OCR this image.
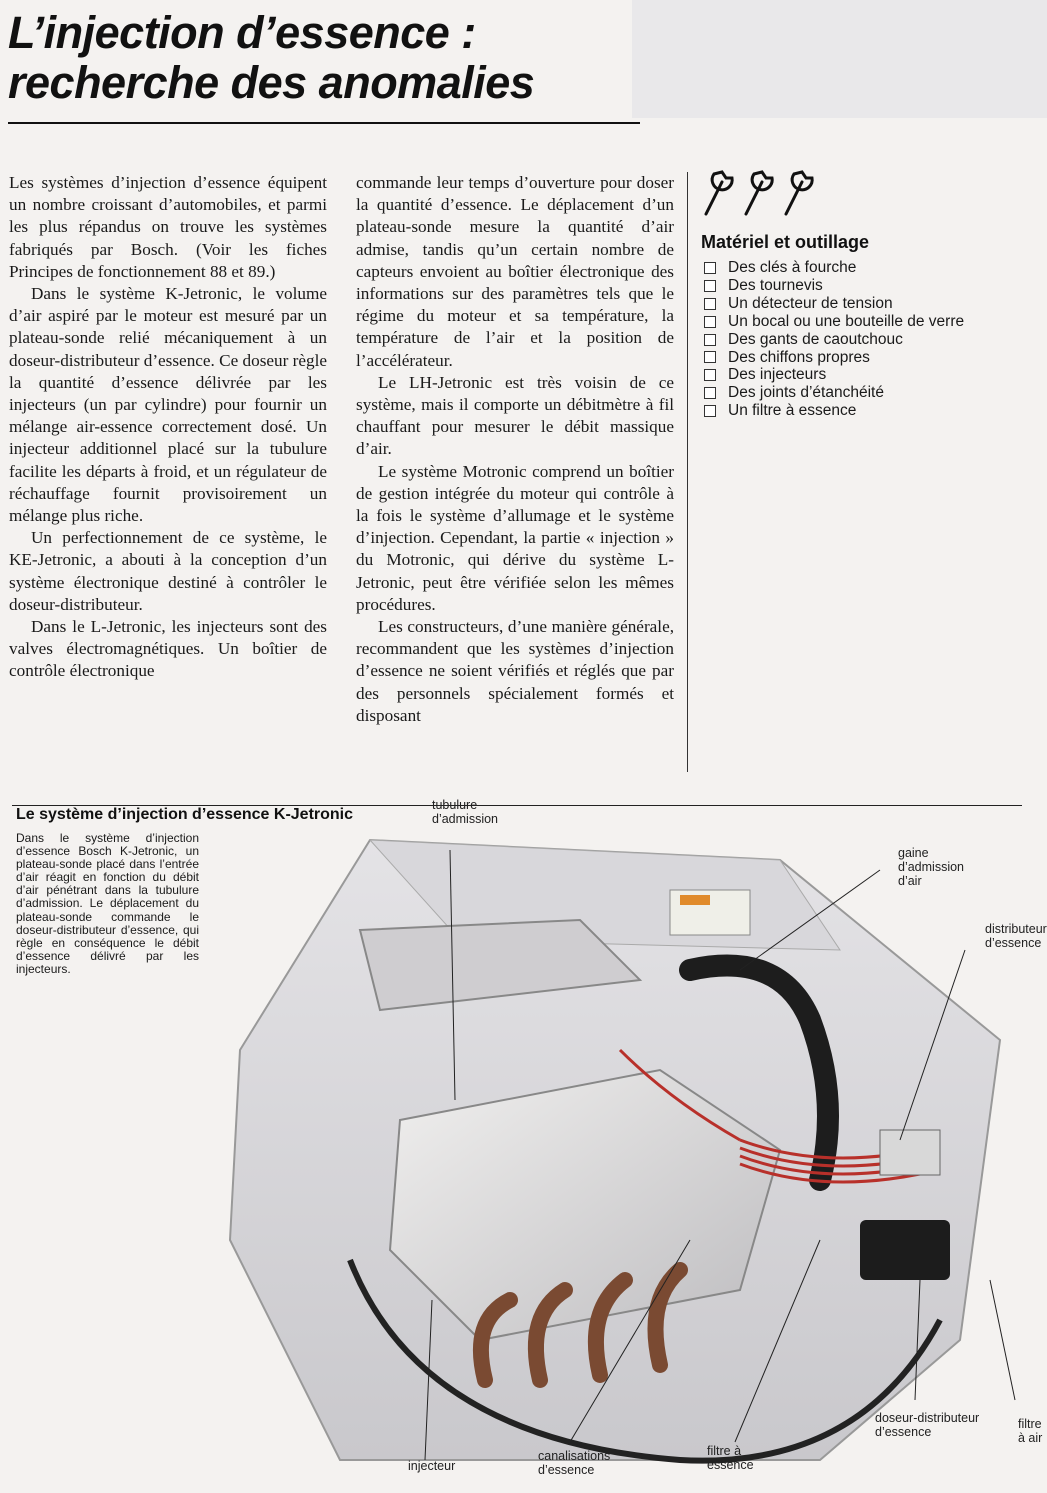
L’injection d’essence :
recherche des anomalies

Les systèmes d’injection d’essence équipent un nombre croissant d’automobiles, et parmi les plus répandus on trouve les systèmes fabriqués par Bosch. (Voir les fiches Principes de fonctionnement 88 et 89.)

Dans le système K-Jetronic, le volume d’air aspiré par le moteur est mesuré par un plateau-sonde relié mécaniquement à un doseur-distributeur d’essence. Ce doseur règle la quantité d’essence délivrée par les injecteurs (un par cylindre) pour fournir un mélange air-essence correctement dosé. Un injecteur additionnel placé sur la tubulure facilite les départs à froid, et un régulateur de réchauffage fournit provisoirement un mélange plus riche.

Un perfectionnement de ce système, le KE-Jetronic, a abouti à la conception d’un système électronique destiné à contrôler le doseur-distributeur.

Dans le L-Jetronic, les injecteurs sont des valves électromagnétiques. Un boîtier de contrôle électronique

commande leur temps d’ouverture pour doser la quantité d’essence. Le déplacement d’un plateau-sonde mesure la quantité d’air admise, tandis qu’un certain nombre de capteurs envoient au boîtier électronique des informations sur des paramètres tels que le régime du moteur et sa température, la température de l’air et la position de l’accélérateur.

Le LH-Jetronic est très voisin de ce système, mais il comporte un débitmètre à fil chauffant pour mesurer le débit massique d’air.

Le système Motronic comprend un boîtier de gestion intégrée du moteur qui contrôle à la fois le système d’allumage et le système d’injection. Cependant, la partie « injection » du Motronic, qui dérive du système L-Jetronic, peut être vérifiée selon les mêmes procédures.

Les constructeurs, d’une manière générale, recommandent que les systèmes d’injection d’essence ne soient vérifiés et réglés que par des personnels spécialement formés et disposant

Matériel et outillage
Des clés à fourche
Des tournevis
Un détecteur de tension
Un bocal ou une bouteille de verre
Des gants de caoutchouc
Des chiffons propres
Des injecteurs
Des joints d’étanchéité
Un filtre à essence
Le système d’injection d’essence K-Jetronic

Dans le système d’injection d’essence Bosch K-Jetronic, un plateau-sonde placé dans l’entrée d’air réagit en fonction du débit d’air pénétrant dans la tubulure d’admission. Le déplacement du plateau-sonde commande le doseur-distributeur d’essence, qui règle en conséquence le débit d’essence délivré par les injecteurs.

tubulure
d’admission
gaine
d’admission
d’air
distributeur
d’essence
injecteur
canalisations
d’essence
filtre à
essence
doseur-distributeur
d’essence
filtre
à air
